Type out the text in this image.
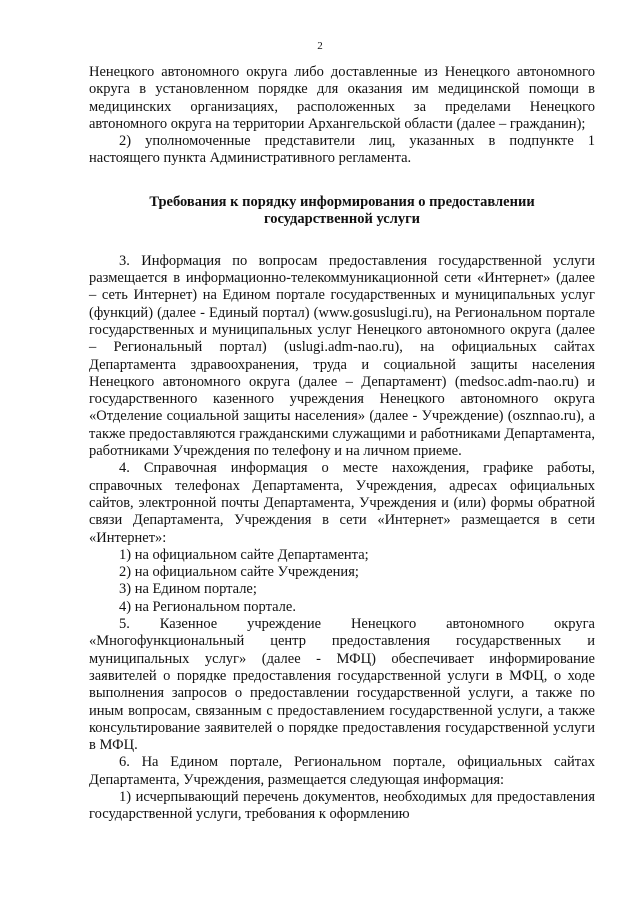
2

Ненецкого автономного округа либо доставленные из Ненецкого автономного округа в установленном порядке для оказания им медицинской помощи в медицинских организациях, расположенных за пределами Ненецкого автономного округа на территории Архангельской области (далее – гражданин);

2) уполномоченные представители лиц, указанных в подпункте 1 настоящего пункта Административного регламента.

Требования к порядку информирования о предоставлении
государственной услуги

3. Информация по вопросам предоставления государственной услуги размещается в информационно-телекоммуникационной сети «Интернет» (далее – сеть Интернет) на Едином портале государственных и муниципальных услуг (функций) (далее - Единый портал) (www.gosuslugi.ru), на Региональном портале государственных и муниципальных услуг Ненецкого автономного округа (далее – Региональный портал) (uslugi.adm-nao.ru), на официальных сайтах Департамента здравоохранения, труда и социальной защиты населения Ненецкого автономного округа (далее – Департамент) (medsoc.adm-nao.ru) и государственного казенного учреждения Ненецкого автономного округа «Отделение социальной защиты населения» (далее - Учреждение) (osznnao.ru), а также предоставляются гражданскими служащими и работниками Департамента, работниками Учреждения по телефону и на личном приеме.

4. Справочная информация о месте нахождения, графике работы, справочных телефонах Департамента, Учреждения, адресах официальных сайтов, электронной почты Департамента, Учреждения и (или) формы обратной связи Департамента, Учреждения в сети «Интернет» размещается в сети «Интернет»:

1) на официальном сайте Департамента;

2) на официальном сайте Учреждения;

3) на Едином портале;

4) на Региональном портале.

5. Казенное учреждение Ненецкого автономного округа «Многофункциональный центр предоставления государственных и муниципальных услуг» (далее - МФЦ) обеспечивает информирование заявителей о порядке предоставления государственной услуги в МФЦ, о ходе выполнения запросов о предоставлении государственной услуги, а также по иным вопросам, связанным с предоставлением государственной услуги, а также консультирование заявителей о порядке предоставления государственной услуги в МФЦ.

6. На Едином портале, Региональном портале, официальных сайтах Департамента, Учреждения, размещается следующая информация:

1) исчерпывающий перечень документов, необходимых для предоставления государственной услуги, требования к оформлению
